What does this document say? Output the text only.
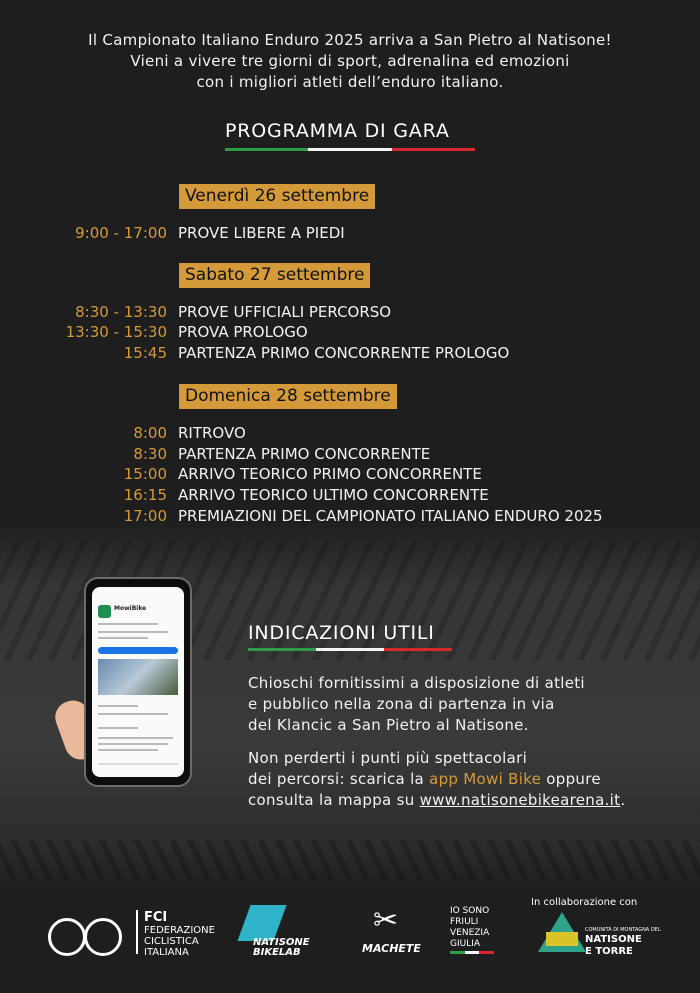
Il Campionato Italiano Enduro 2025 arriva a San Pietro al Natisone!
Vieni a vivere tre giorni di sport, adrenalina ed emozioni
con i migliori atleti dell’enduro italiano.
PROGRAMMA DI GARA
Venerdì 26 settembre
9:00 - 17:00 PROVE LIBERE A PIEDI
Sabato 27 settembre
8:30 - 13:30 PROVE UFFICIALI PERCORSO
13:30 - 15:30 PROVA PROLOGO
15:45 PARTENZA PRIMO CONCORRENTE PROLOGO
Domenica 28 settembre
8:00 RITROVO
8:30 PARTENZA PRIMO CONCORRENTE
15:00 ARRIVO TEORICO PRIMO CONCORRENTE
16:15 ARRIVO TEORICO ULTIMO CONCORRENTE
17:00 PREMIAZIONI DEL CAMPIONATO ITALIANO ENDURO 2025
MowiBike
INDICAZIONI UTILI
Chioschi fornitissimi a disposizione di atleti
e pubblico nella zona di partenza in via
del Klancic a San Pietro al Natisone.
Non perderti i punti più spettacolari
dei percorsi: scarica la app Mowi Bike oppure
consulta la mappa su www.natisonebikearena.it.
FCI
FEDERAZIONE
CICLISTICA
ITALIANA
NATISONE
BIKELAB
✂
MACHETE
IO SONO
FRIULI
VENEZIA
GIULIA
In collaborazione con
COMUNITÀ DI MONTAGNA DEL
NATISONE
E TORRE
